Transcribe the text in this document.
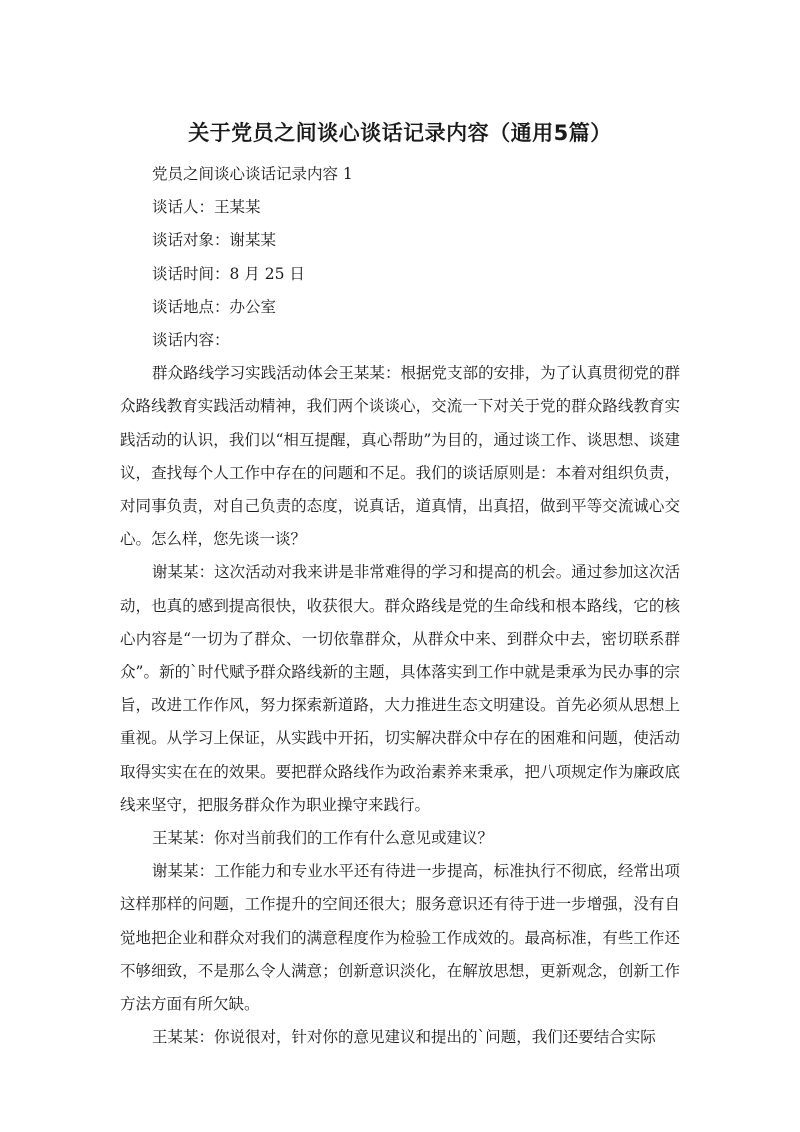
关于党员之间谈心谈话记录内容（通用5篇）

党员之间谈心谈话记录内容 1

谈话人：王某某

谈话对象：谢某某

谈话时间：8 月 25 日

谈话地点：办公室

谈话内容：

群众路线学习实践活动体会王某某：根据党支部的安排，为了认真贯彻党的群众路线教育实践活动精神，我们两个谈谈心，交流一下对关于党的群众路线教育实践活动的认识，我们以“相互提醒，真心帮助”为目的，通过谈工作、谈思想、谈建议，查找每个人工作中存在的问题和不足。我们的谈话原则是：本着对组织负责，对同事负责，对自己负责的态度，说真话，道真情，出真招，做到平等交流诚心交心。怎么样，您先谈一谈？

谢某某：这次活动对我来讲是非常难得的学习和提高的机会。通过参加这次活动，也真的感到提高很快，收获很大。群众路线是党的生命线和根本路线，它的核心内容是“一切为了群众、一切依靠群众，从群众中来、到群众中去，密切联系群众”。新的`时代赋予群众路线新的主题，具体落实到工作中就是秉承为民办事的宗旨，改进工作作风，努力探索新道路，大力推进生态文明建设。首先必须从思想上重视。从学习上保证，从实践中开拓，切实解决群众中存在的困难和问题，使活动取得实实在在的效果。要把群众路线作为政治素养来秉承，把八项规定作为廉政底线来坚守，把服务群众作为职业操守来践行。

王某某：你对当前我们的工作有什么意见或建议？

谢某某：工作能力和专业水平还有待进一步提高，标准执行不彻底，经常出项这样那样的问题，工作提升的空间还很大；服务意识还有待于进一步增强，没有自觉地把企业和群众对我们的满意程度作为检验工作成效的。最高标准，有些工作还不够细致，不是那么令人满意；创新意识淡化，在解放思想，更新观念，创新工作方法方面有所欠缺。

王某某：你说很对，针对你的意见建议和提出的`问题，我们还要结合实际
